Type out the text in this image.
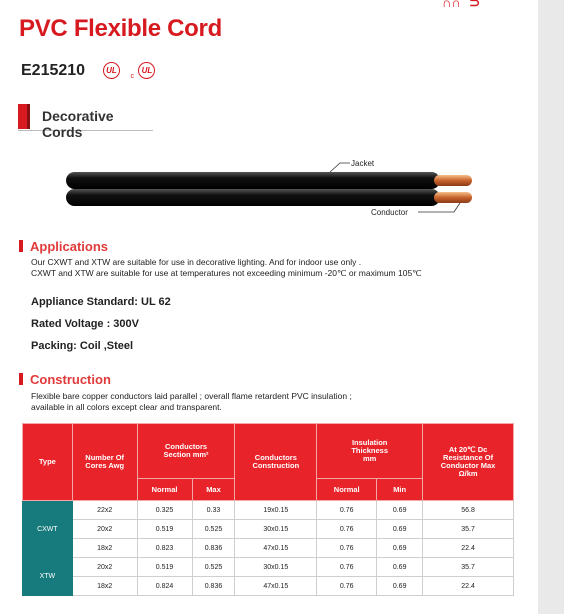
∩∩ ⊃
PVC Flexible Cord
E215210	UL c UL
Decorative Cords
Jacket
Conductor
Applications
Our CXWT and XTW are suitable for use in decorative lighting. And for indoor use only .
CXWT and XTW are suitable for use at temperatures not exceeding minimum -20℃ or maximum 105℃
Appliance Standard: UL 62
Rated Voltage : 300V
Packing: Coil ,Steel
Construction
Flexible bare copper conductors laid parallel ; overall flame retardent PVC insulation ;
available in all colors except clear and transparent.
Type	Number Of Cores Awg	Conductors Section mm²		Conductors Construction	Insulation Thickness mm		At 20℃ Dc Resistance Of Conductor Max Ω/km
		Normal	Max		Normal	Min	
CXWT	22x2	0.325	0.33	19x0.15	0.76	0.69	56.8
	20x2	0.519	0.525	30x0.15	0.76	0.69	35.7
	18x2	0.823	0.836	47x0.15	0.76	0.69	22.4
XTW	20x2	0.519	0.525	30x0.15	0.76	0.69	35.7
	18x2	0.824	0.836	47x0.15	0.76	0.69	22.4
